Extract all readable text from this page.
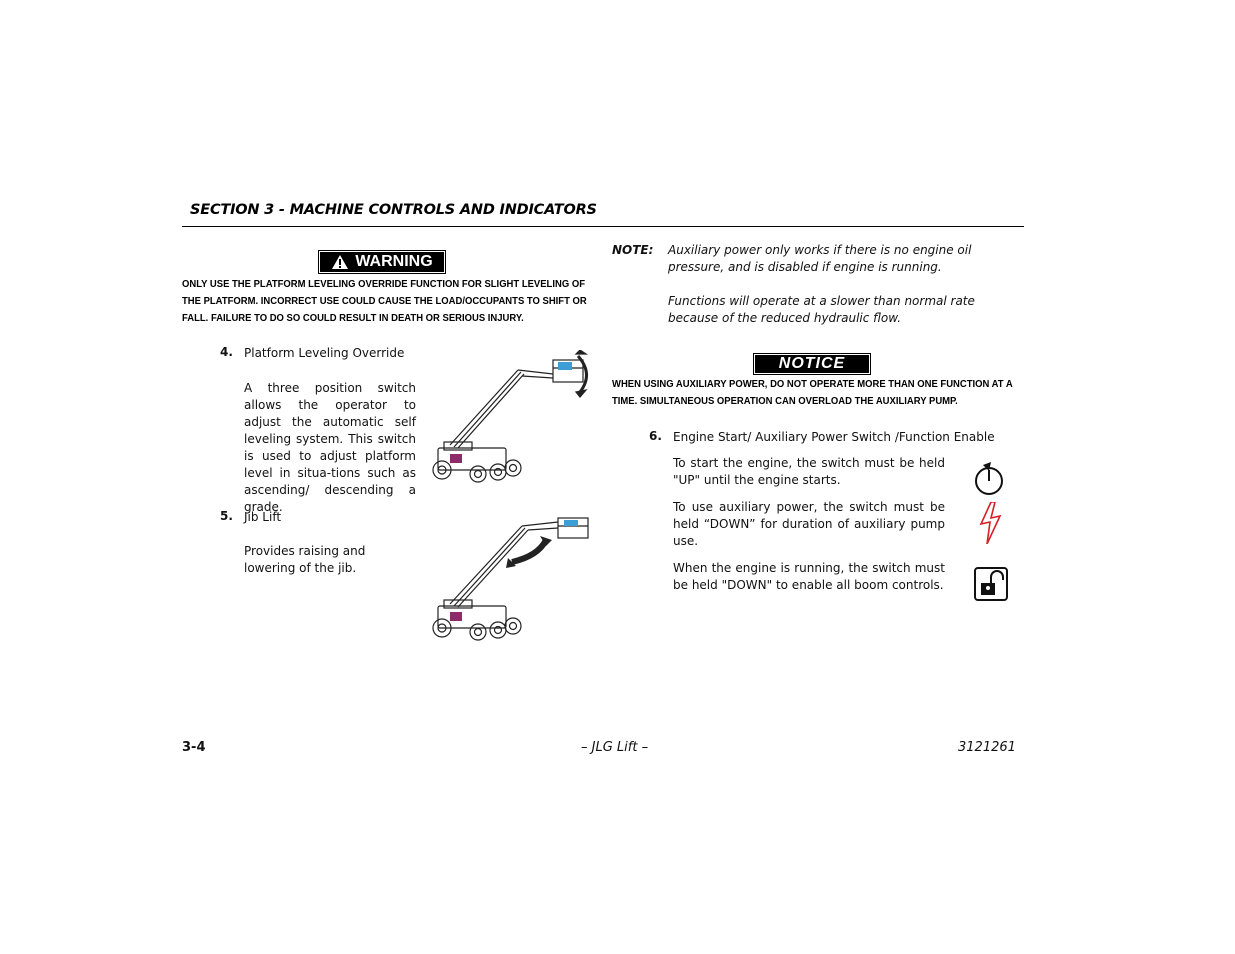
SECTION 3 - MACHINE CONTROLS AND INDICATORS
WARNING
ONLY USE THE PLATFORM LEVELING OVERRIDE FUNCTION FOR SLIGHT LEVELING OF THE PLATFORM. INCORRECT USE COULD CAUSE THE LOAD/OCCUPANTS TO SHIFT OR FALL. FAILURE TO DO SO COULD RESULT IN DEATH OR SERIOUS INJURY.
4. Platform Leveling Override
A three position switch allows the operator to adjust the automatic self leveling system. This switch is used to adjust platform level in situa-tions such as ascending/ descending a grade.
5. Jib Lift
Provides raising and lowering of the jib.
NOTE: Auxiliary power only works if there is no engine oil pressure, and is disabled if engine is running.
Functions will operate at a slower than normal rate because of the reduced hydraulic flow.
NOTICE
WHEN USING AUXILIARY POWER, DO NOT OPERATE MORE THAN ONE FUNCTION AT A TIME. SIMULTANEOUS OPERATION CAN OVERLOAD THE AUXILIARY PUMP.
6. Engine Start/ Auxiliary Power Switch /Function Enable
To start the engine, the switch must be held "UP" until the engine starts.
To use auxiliary power, the switch must be held “DOWN” for duration of auxiliary pump use.
When the engine is running, the switch must be held "DOWN" to enable all boom controls.
3-4	– JLG Lift –	3121261
